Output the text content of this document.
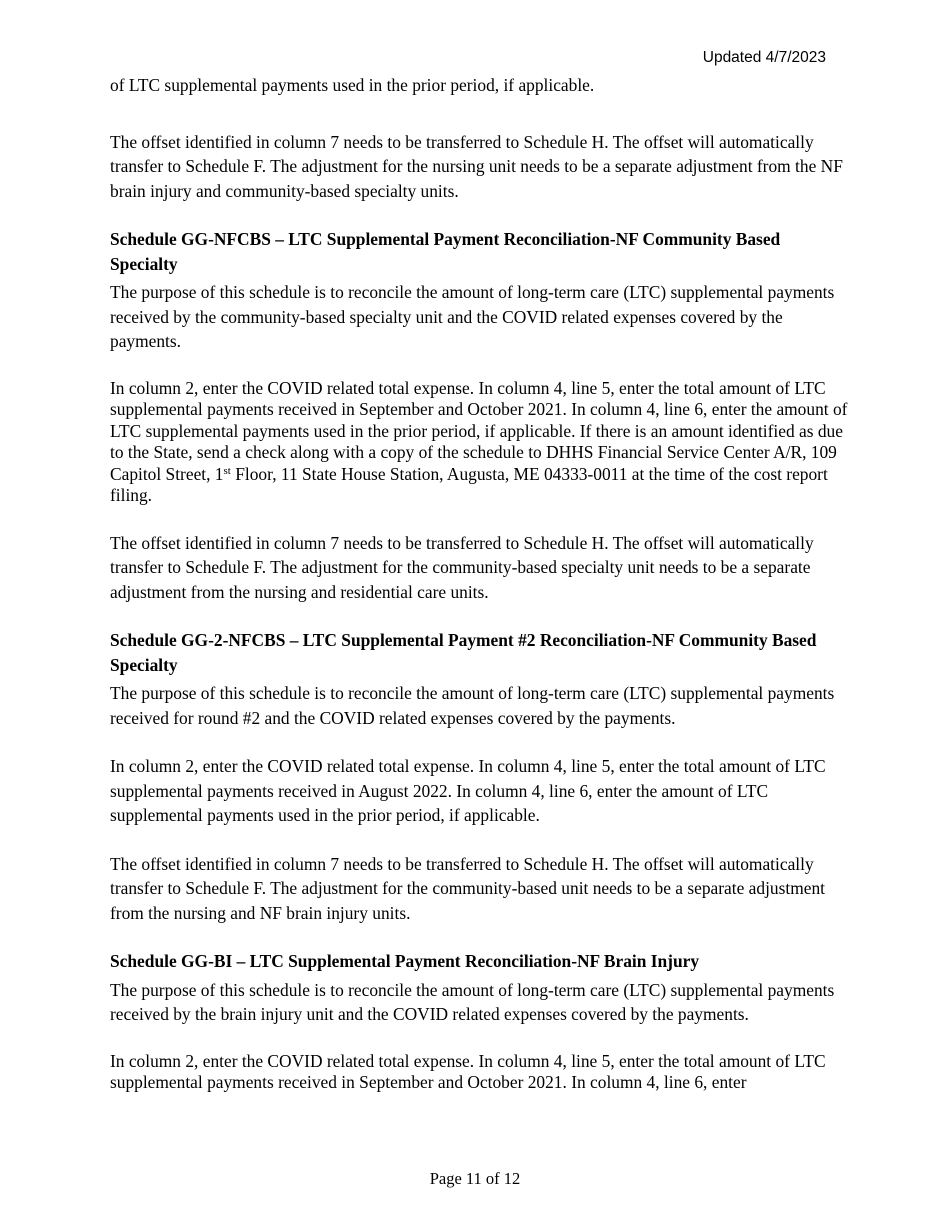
Updated 4/7/2023

of LTC supplemental payments used in the prior period, if applicable.

The offset identified in column 7 needs to be transferred to Schedule H. The offset will automatically transfer to Schedule F. The adjustment for the nursing unit needs to be a separate adjustment from the NF brain injury and community-based specialty units.

Schedule GG-NFCBS – LTC Supplemental Payment Reconciliation-NF Community Based Specialty

The purpose of this schedule is to reconcile the amount of long-term care (LTC) supplemental payments received by the community-based specialty unit and the COVID related expenses covered by the payments.

In column 2, enter the COVID related total expense. In column 4, line 5, enter the total amount of LTC supplemental payments received in September and October 2021. In column 4, line 6, enter the amount of LTC supplemental payments used in the prior period, if applicable. If there is an amount identified as due to the State, send a check along with a copy of the schedule to DHHS Financial Service Center A/R, 109 Capitol Street, 1st Floor, 11 State House Station, Augusta, ME 04333-0011 at the time of the cost report filing.

The offset identified in column 7 needs to be transferred to Schedule H. The offset will automatically transfer to Schedule F. The adjustment for the community-based specialty unit needs to be a separate adjustment from the nursing and residential care units.

Schedule GG-2-NFCBS – LTC Supplemental Payment #2 Reconciliation-NF Community Based Specialty

The purpose of this schedule is to reconcile the amount of long-term care (LTC) supplemental payments received for round #2 and the COVID related expenses covered by the payments.

In column 2, enter the COVID related total expense. In column 4, line 5, enter the total amount of LTC supplemental payments received in August 2022. In column 4, line 6, enter the amount of LTC supplemental payments used in the prior period, if applicable.

The offset identified in column 7 needs to be transferred to Schedule H. The offset will automatically transfer to Schedule F. The adjustment for the community-based unit needs to be a separate adjustment from the nursing and NF brain injury units.

Schedule GG-BI – LTC Supplemental Payment Reconciliation-NF Brain Injury

The purpose of this schedule is to reconcile the amount of long-term care (LTC) supplemental payments received by the brain injury unit and the COVID related expenses covered by the payments.

In column 2, enter the COVID related total expense. In column 4, line 5, enter the total amount of LTC supplemental payments received in September and October 2021. In column 4, line 6, enter

Page 11 of 12
